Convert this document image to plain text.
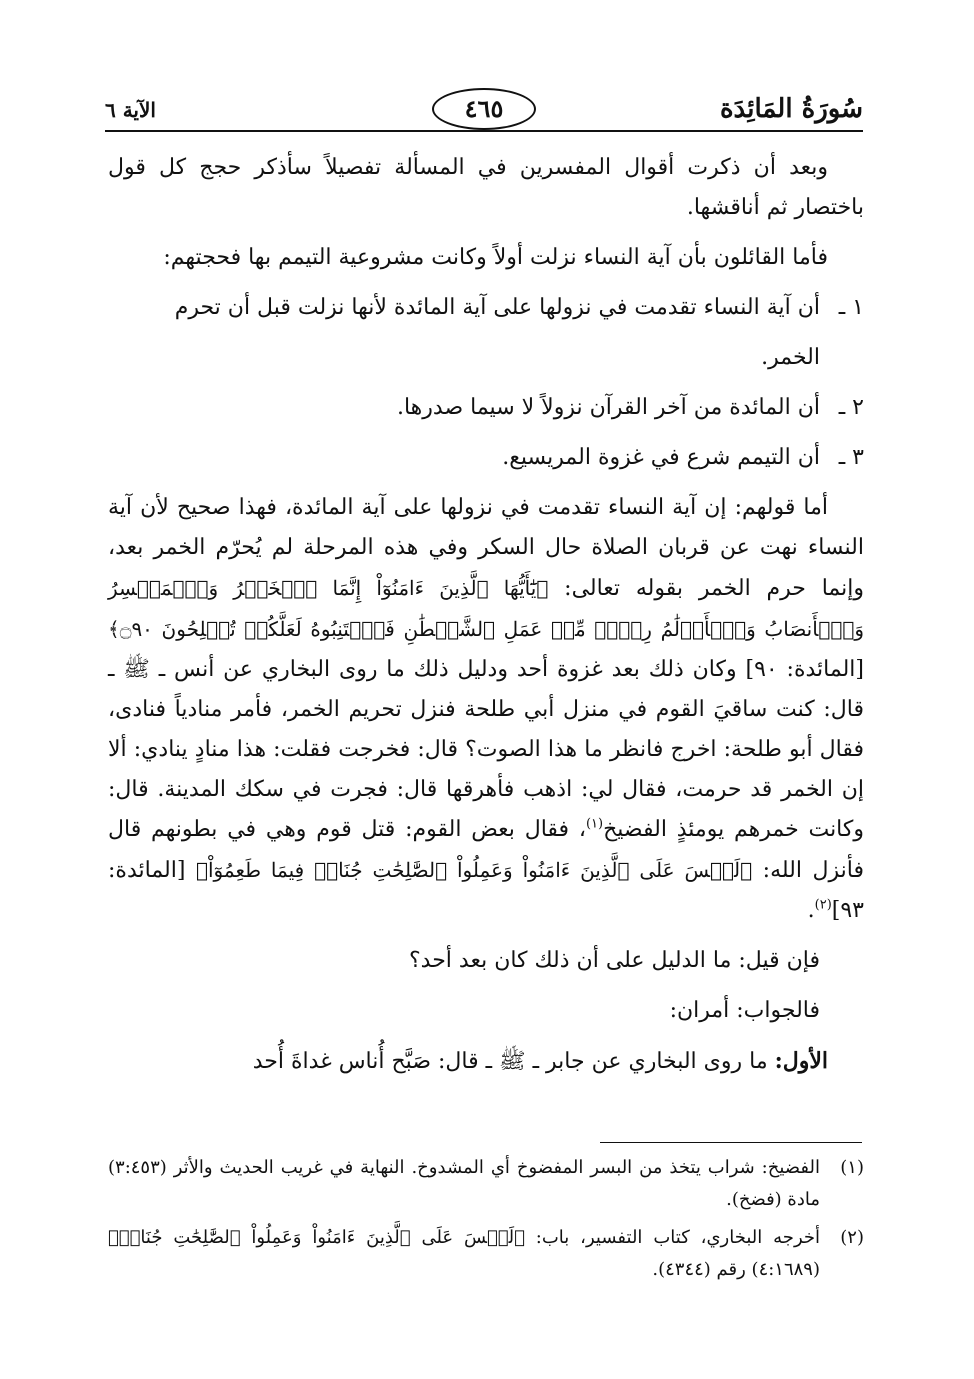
سُورَةُ المَائِدَة
٤٦٥
الآية ٦

وبعد أن ذكرت أقوال المفسرين في المسألة تفصيلاً سأذكر حجج كل قول باختصار ثم أناقشها.

فأما القائلون بأن آية النساء نزلت أولاً وكانت مشروعية التيمم بها فحجتهم:

١ ـأن آية النساء تقدمت في نزولها على آية المائدة لأنها نزلت قبل أن تحرم

الخمر.

٢ ـأن المائدة من آخر القرآن نزولاً لا سيما صدرها.

٣ ـأن التيمم شرع في غزوة المريسيع.

أما قولهم: إن آية النساء تقدمت في نزولها على آية المائدة، فهذا صحيح لأن آية النساء نهت عن قربان الصلاة حال السكر وفي هذه المرحلة لم يُحرّم الخمر بعد، وإنما حرم الخمر بقوله تعالى: ﴿يَٰٓأَيُّهَا ٱلَّذِينَ ءَامَنُوٓاْ إِنَّمَا ٱلۡخَمۡرُ وَٱلۡمَيۡسِرُ وَٱلۡأَنصَابُ وَٱلۡأَزۡلَٰمُ رِجۡسٞ مِّنۡ عَمَلِ ٱلشَّيۡطَٰنِ فَٱجۡتَنِبُوهُ لَعَلَّكُمۡ تُفۡلِحُونَ ۝٩٠﴾ [المائدة: ٩٠] وكان ذلك بعد غزوة أحد ودليل ذلك ما روى البخاري عن أنس ـ ﷺ ـ قال: كنت ساقيَ القوم في منزل أبي طلحة فنزل تحريم الخمر، فأمر منادياً فنادى، فقال أبو طلحة: اخرج فانظر ما هذا الصوت؟ قال: فخرجت فقلت: هذا منادٍ ينادي: ألا إن الخمر قد حرمت، فقال لي: اذهب فأهرقها قال: فجرت في سكك المدينة. قال: وكانت خمرهم يومئذٍ الفضيخ$^{(١)}$، فقال بعض القوم: قتل قوم وهي في بطونهم قال فأنزل الله: ﴿لَيۡسَ عَلَى ٱلَّذِينَ ءَامَنُواْ وَعَمِلُواْ ٱلصَّٰلِحَٰتِ جُنَاحٞ فِيمَا طَعِمُوٓاْ﴾ [المائدة: ٩٣]$^{(٢)}$.

فإن قيل: ما الدليل على أن ذلك كان بعد أحد؟

فالجواب: أمران:

الأول: ما روى البخاري عن جابر ـ ﷺ ـ قال: صَبَّح أُناس غداةَ أُحد

(١)
الفضيخ: شراب يتخذ من البسر المفضوخ أي المشدوخ. النهاية في غريب الحديث والأثر (٣:٤٥٣) مادة (فضخ).

(٢)
أخرجه البخاري، كتاب التفسير، باب: ﴿لَيۡسَ عَلَى ٱلَّذِينَ ءَامَنُواْ وَعَمِلُواْ ٱلصَّٰلِحَٰتِ جُنَاحٞ﴾(٤:١٦٨٩) رقم (٤٣٤٤).
